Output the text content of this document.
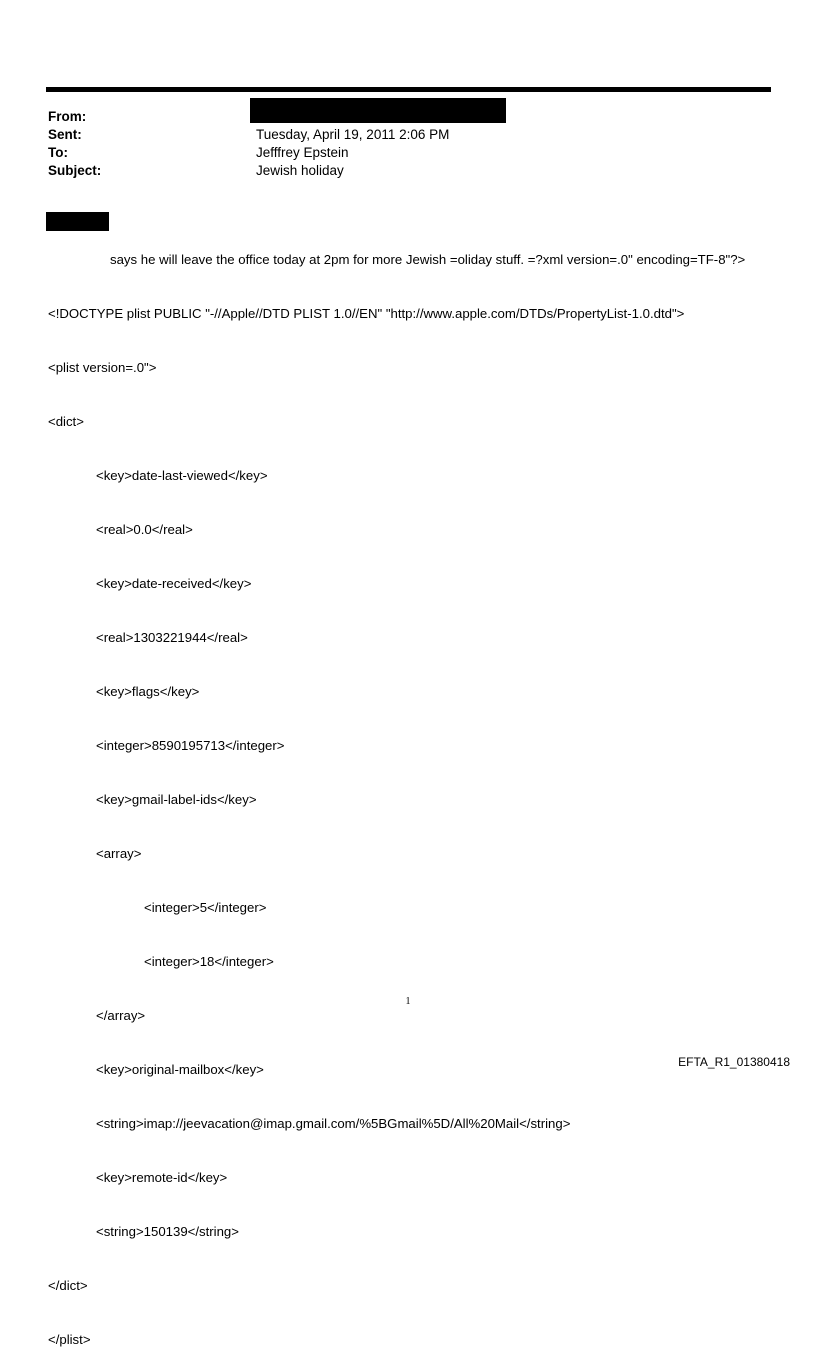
From:
Sent:
To:
Subject:
Tuesday, April 19, 2011 2:06 PM
Jefffrey Epstein
Jewish holiday

says he will leave the office today at 2pm for more Jewish =oliday stuff. =?xml version=.0" encoding=TF-8"?>

<!DOCTYPE plist PUBLIC "-//Apple//DTD PLIST 1.0//EN" "http://www.apple.com/DTDs/PropertyList-1.0.dtd">

<plist version=.0">

<dict>

<key>date-last-viewed</key>

<real>0.0</real>

<key>date-received</key>

<real>1303221944</real>

<key>flags</key>

<integer>8590195713</integer>

<key>gmail-label-ids</key>

<array>

<integer>5</integer>

<integer>18</integer>

</array>

<key>original-mailbox</key>

<string>imap://jeevacation@imap.gmail.com/%5BGmail%5D/All%20Mail</string>

<key>remote-id</key>

<string>150139</string>

</dict>

</plist>

1
EFTA_R1_01380418
